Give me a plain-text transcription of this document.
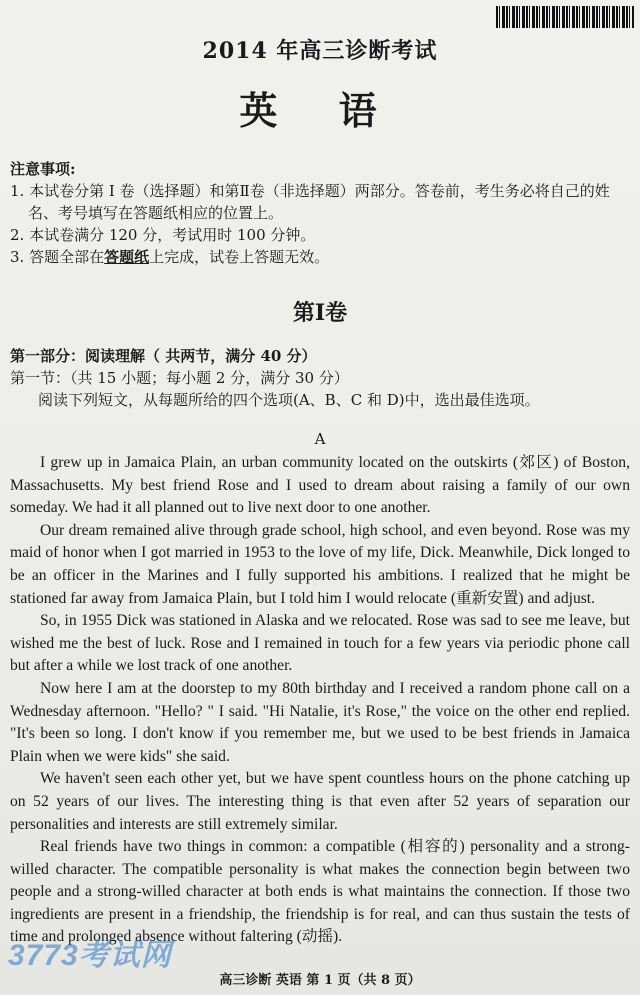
2014 年高三诊断考试
英 语
注意事项:
1. 本试卷分第 I 卷（选择题）和第Ⅱ卷（非选择题）两部分。答卷前，考生务必将自己的姓名、考号填写在答题纸相应的位置上。
2. 本试卷满分 120 分，考试用时 100 分钟。
3. 答题全部在答题纸上完成，试卷上答题无效。
第Ⅰ卷
第一部分：阅读理解（ 共两节，满分 40 分）
第一节：（共 15 小题；每小题 2 分，满分 30 分）
阅读下列短文，从每题所给的四个选项(A、B、C 和 D)中，选出最佳选项。
A

I grew up in Jamaica Plain, an urban community located on the outskirts (郊区) of Boston, Massachusetts. My best friend Rose and I used to dream about raising a family of our own someday. We had it all planned out to live next door to one another.

Our dream remained alive through grade school, high school, and even beyond. Rose was my maid of honor when I got married in 1953 to the love of my life, Dick. Meanwhile, Dick longed to be an officer in the Marines and I fully supported his ambitions. I realized that he might be stationed far away from Jamaica Plain, but I told him I would relocate (重新安置) and adjust.

So, in 1955 Dick was stationed in Alaska and we relocated. Rose was sad to see me leave, but wished me the best of luck. Rose and I remained in touch for a few years via periodic phone call but after a while we lost track of one another.

Now here I am at the doorstep to my 80th birthday and I received a random phone call on a Wednesday afternoon. "Hello? " I said. "Hi Natalie, it's Rose," the voice on the other end replied. "It's been so long. I don't know if you remember me, but we used to be best friends in Jamaica Plain when we were kids" she said.

We haven't seen each other yet, but we have spent countless hours on the phone catching up on 52 years of our lives. The interesting thing is that even after 52 years of separation our personalities and interests are still extremely similar.

Real friends have two things in common: a compatible (相容的) personality and a strong-willed character. The compatible personality is what makes the connection begin between two people and a strong-willed character at both ends is what maintains the connection. If those two ingredients are present in a friendship, the friendship is for real, and can thus sustain the tests of time and prolonged absence without faltering (动摇).

3773考试网
高三诊断 英语 第 1 页（共 8 页）
